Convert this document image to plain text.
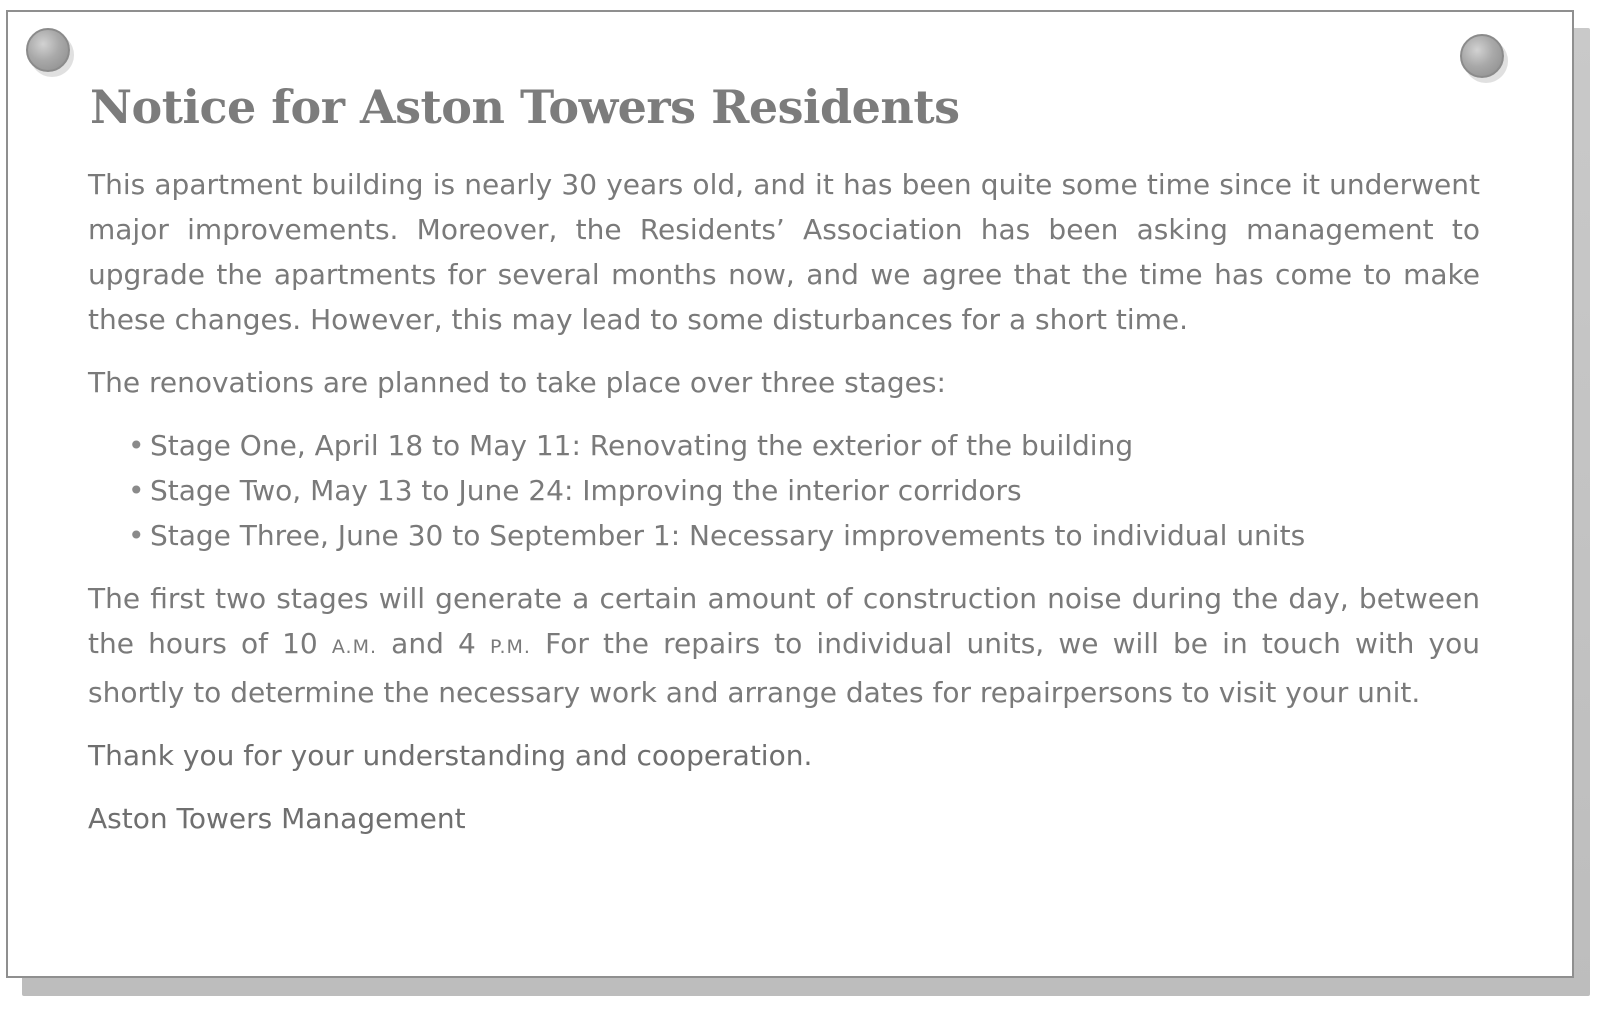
Notice for Aston Towers Residents

This apartment building is nearly 30 years old, and it has been quite some time since it underwent major improvements. Moreover, the Residents’ Association has been asking management to upgrade the apartments for several months now, and we agree that the time has come to make these changes. However, this may lead to some disturbances for a short time.

The renovations are planned to take place over three stages:

• Stage One, April 18 to May 11: Renovating the exterior of the building
• Stage Two, May 13 to June 24: Improving the interior corridors
• Stage Three, June 30 to September 1: Necessary improvements to individual units

The first two stages will generate a certain amount of construction noise during the day, between the hours of 10 A.M. and 4 P.M. For the repairs to individual units, we will be in touch with you shortly to determine the necessary work and arrange dates for repairpersons to visit your unit.

Thank you for your understanding and cooperation.

Aston Towers Management
